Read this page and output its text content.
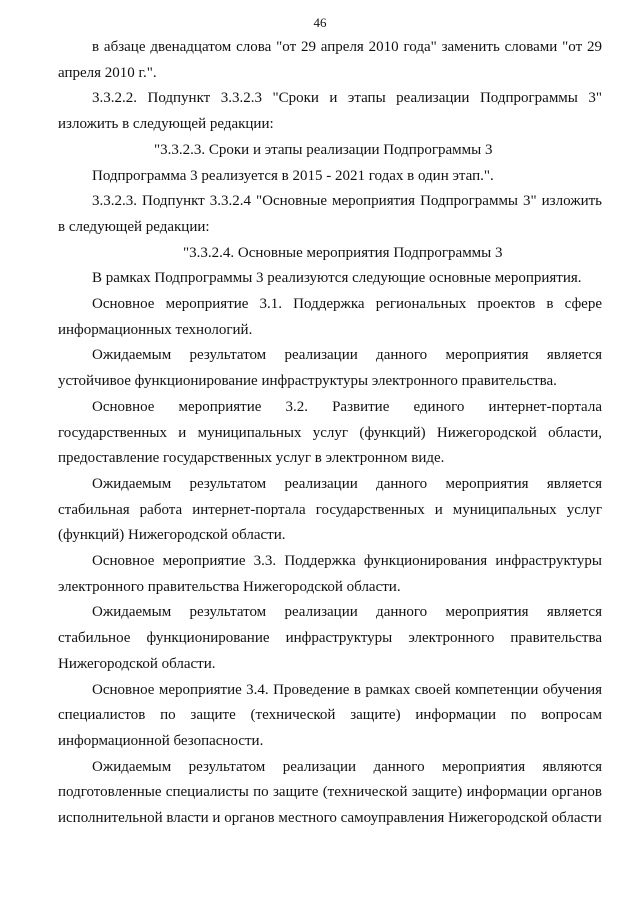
46

в абзаце двенадцатом слова "от 29 апреля 2010 года" заменить словами "от 29 апреля 2010 г.".

3.3.2.2. Подпункт 3.3.2.3 "Сроки и этапы реализации Подпрограммы 3" изложить в следующей редакции:

"3.3.2.3. Сроки и этапы реализации Подпрограммы 3

Подпрограмма 3 реализуется в 2015 - 2021 годах в один этап.".

3.3.2.3. Подпункт 3.3.2.4 "Основные мероприятия Подпрограммы 3" изложить в следующей редакции:

"3.3.2.4. Основные мероприятия Подпрограммы 3

В рамках Подпрограммы 3 реализуются следующие основные мероприятия.

Основное мероприятие 3.1. Поддержка региональных проектов в сфере информационных технологий.

Ожидаемым результатом реализации данного мероприятия является устойчивое функционирование инфраструктуры электронного правительства.

Основное мероприятие 3.2. Развитие единого интернет-портала государственных и муниципальных услуг (функций) Нижегородской области, предоставление государственных услуг в электронном виде.

Ожидаемым результатом реализации данного мероприятия является стабильная работа интернет-портала государственных и муниципальных услуг (функций) Нижегородской области.

Основное мероприятие 3.3. Поддержка функционирования инфраструктуры электронного правительства Нижегородской области.

Ожидаемым результатом реализации данного мероприятия является стабильное функционирование инфраструктуры электронного правительства Нижегородской области.

Основное мероприятие 3.4. Проведение в рамках своей компетенции обучения специалистов по защите (технической защите) информации по вопросам информационной безопасности.

Ожидаемым результатом реализации данного мероприятия являются подготовленные специалисты по защите (технической защите) информации органов исполнительной власти и органов местного самоуправления Нижегородской области
